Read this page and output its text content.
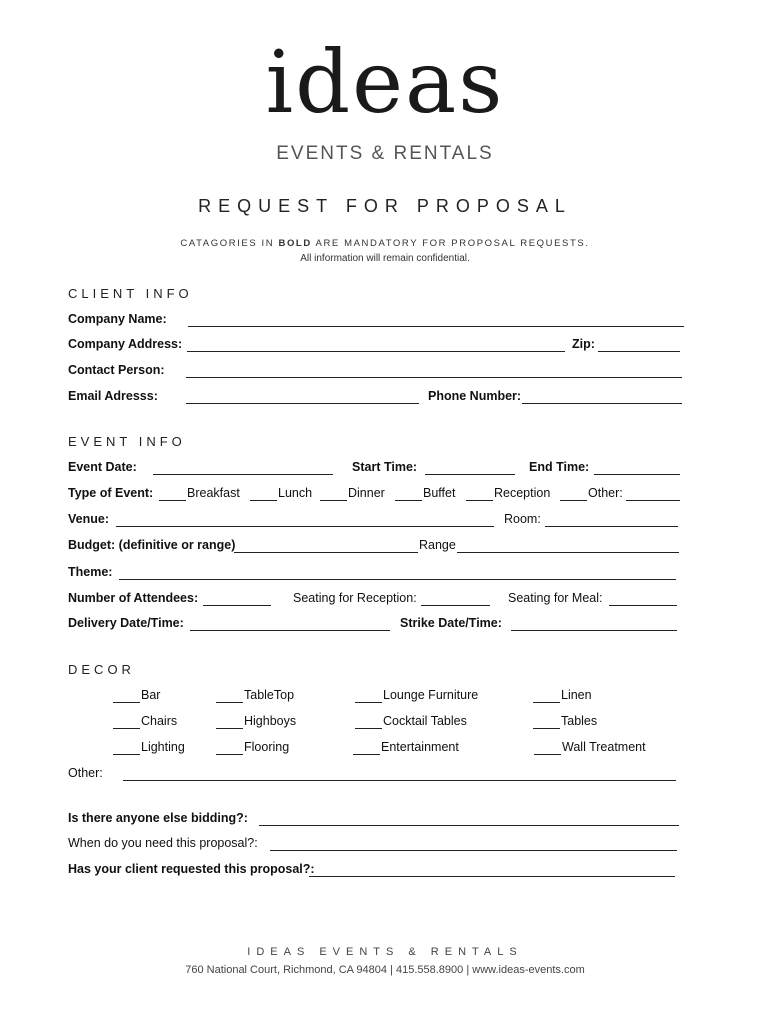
ideas
EVENTS & RENTALS
REQUEST FOR PROPOSAL
CATAGORIES IN BOLD ARE MANDATORY FOR PROPOSAL REQUESTS.
All information will remain confidential.
CLIENT INFO
Company Name:
Company Address:	Zip:
Contact Person:
Email Adresss:	Phone Number:
EVENT INFO
Event Date:	Start Time:	End Time:
Type of Event:	Breakfast	Lunch	Dinner	Buffet	Reception	Other:
Venue:	Room:
Budget: (definitive or range)	Range
Theme:
Number of Attendees:	Seating for Reception:	Seating for Meal:
Delivery Date/Time:	Strike Date/Time:
DECOR
Bar	TableTop	Lounge Furniture	Linen
Chairs	Highboys	Cocktail Tables	Tables
Lighting	Flooring	Entertainment	Wall Treatment
Other:
Is there anyone else bidding?:
When do you need this proposal?:
Has your client requested this proposal?:
IDEAS EVENTS & RENTALS
760 National Court, Richmond, CA 94804 | 415.558.8900 | www.ideas-events.com
